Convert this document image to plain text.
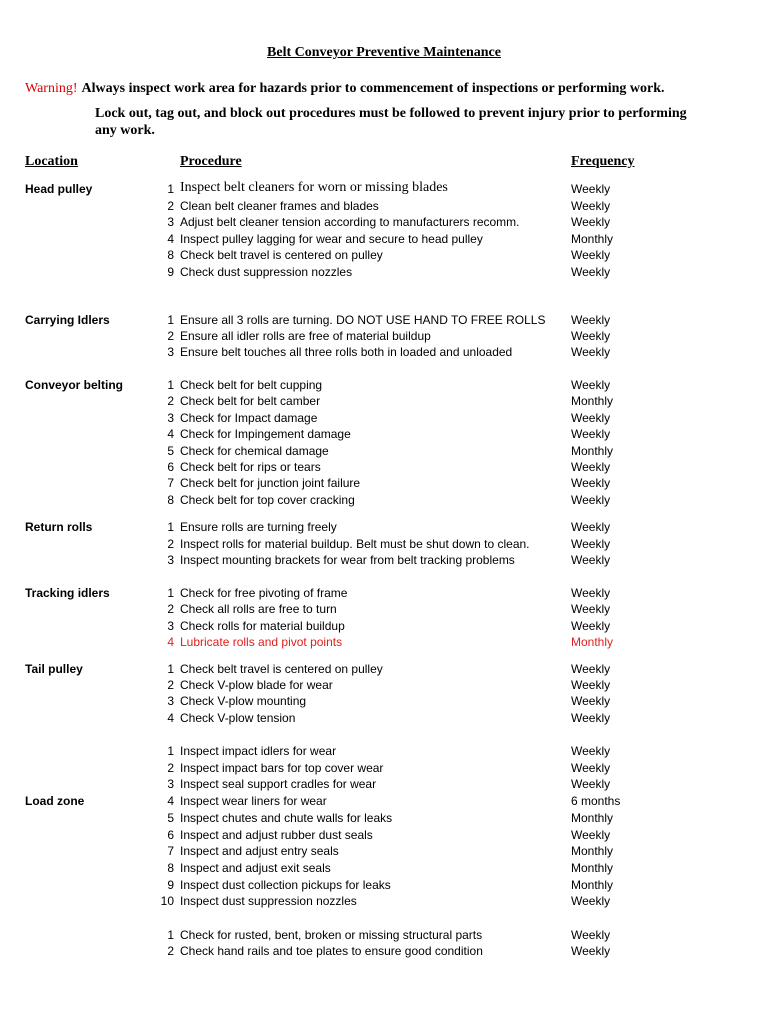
Belt Conveyor Preventive Maintenance
Warning! Always inspect work area for hazards prior to commencement of inspections or performing work.
Lock out, tag out, and block out procedures must be followed to prevent injury prior to performing any work.
Location	Procedure	Frequency
Head pulley	1 Inspect belt cleaners for worn or missing blades	Weekly
2 Clean belt cleaner frames and blades	Weekly
3 Adjust belt cleaner tension according to manufacturers recomm.	Weekly
4 Inspect pulley lagging for wear and secure to head pulley	Monthly
8 Check belt travel is centered on pulley	Weekly
9 Check dust suppression nozzles	Weekly
Carrying Idlers	1 Ensure all 3 rolls are turning. DO NOT USE HAND TO FREE ROLLS Weekly
2 Ensure all idler rolls are free of material buildup	Weekly
3 Ensure belt touches all three rolls both in loaded and unloaded	Weekly
Conveyor belting	1 Check belt for belt cupping	Weekly
2 Check belt for belt camber	Monthly
3 Check for Impact damage	Weekly
4 Check for Impingement damage	Weekly
5 Check for chemical damage	Monthly
6 Check belt for rips or tears	Weekly
7 Check belt for junction joint failure	Weekly
8 Check belt for top cover cracking	Weekly
Return rolls	1 Ensure rolls are turning freely	Weekly
2 Inspect rolls for material buildup. Belt must be shut down to clean.	Weekly
3 Inspect mounting brackets for wear from belt tracking problems	Weekly
Tracking idlers	1 Check for free pivoting of frame	Weekly
2 Check all rolls are free to turn	Weekly
3 Check rolls for material buildup	Weekly
4 Lubricate rolls and pivot points	Monthly
Tail pulley	1 Check belt travel is centered on pulley	Weekly
2 Check V-plow blade for wear	Weekly
3 Check V-plow mounting	Weekly
4 Check V-plow tension	Weekly
Load zone
1 Inspect impact idlers for wear	Weekly
2 Inspect impact bars for top cover wear	Weekly
3 Inspect seal support cradles for wear	Weekly
4 Inspect wear liners for wear	6 months
5 Inspect chutes and chute walls for leaks	Monthly
6 Inspect and adjust rubber dust seals	Weekly
7 Inspect and adjust entry seals	Monthly
8 Inspect and adjust exit seals	Monthly
9 Inspect dust collection pickups for leaks	Monthly
10 Inspect dust suppression nozzles	Weekly
1 Check for rusted, bent, broken or missing structural parts	Weekly
2 Check hand rails and toe plates to ensure good condition	Weekly
